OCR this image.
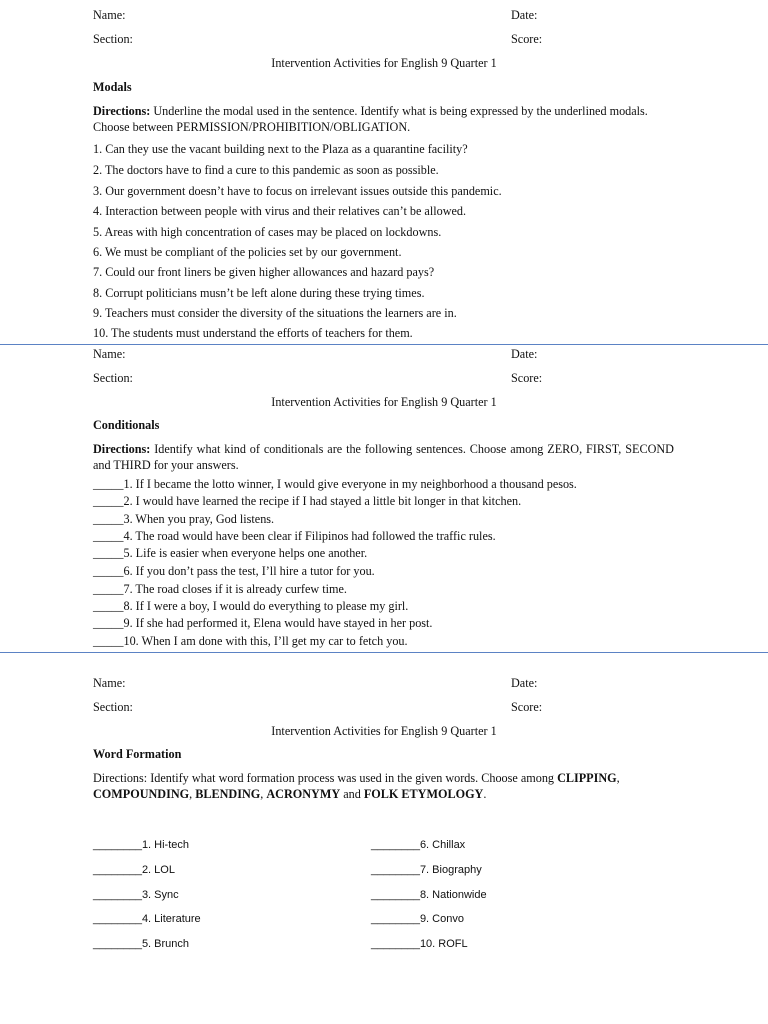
Name:	Date:
Section:	Score:
Intervention Activities for English 9 Quarter 1
Modals
Directions: Underline the modal used in the sentence. Identify what is being expressed by the underlined modals. Choose between PERMISSION/PROHIBITION/OBLIGATION.
1. Can they use the vacant building next to the Plaza as a quarantine facility?
2. The doctors have to find a cure to this pandemic as soon as possible.
3. Our government doesn’t have to focus on irrelevant issues outside this pandemic.
4. Interaction between people with virus and their relatives can’t be allowed.
5. Areas with high concentration of cases may be placed on lockdowns.
6. We must be compliant of the policies set by our government.
7. Could our front liners be given higher allowances and hazard pays?
8. Corrupt politicians musn’t be left alone during these trying times.
9. Teachers must consider the diversity of the situations the learners are in.
10. The students must understand the efforts of teachers for them.
Name:	Date:
Section:	Score:
Intervention Activities for English 9 Quarter 1
Conditionals
Directions: Identify what kind of conditionals are the following sentences. Choose among ZERO, FIRST, SECOND and THIRD for your answers.
_____1. If I became the lotto winner, I would give everyone in my neighborhood a thousand pesos.
_____2. I would have learned the recipe if I had stayed a little bit longer in that kitchen.
_____3. When you pray, God listens.
_____4. The road would have been clear if Filipinos had followed the traffic rules.
_____5. Life is easier when everyone helps one another.
_____6. If you don’t pass the test, I’ll hire a tutor for you.
_____7. The road closes if it is already curfew time.
_____8. If I were a boy, I would do everything to please my girl.
_____9. If she had performed it, Elena would have stayed in her post.
_____10. When I am done with this, I’ll get my car to fetch you.
Name:	Date:
Section:	Score:
Intervention Activities for English 9 Quarter 1
Word Formation
Directions: Identify what word formation process was used in the given words. Choose among CLIPPING, COMPOUNDING, BLENDING, ACRONYMY and FOLK ETYMOLOGY.
________1. Hi-tech
________2. LOL
________3. Sync
________4. Literature
________5. Brunch
________6. Chillax
________7. Biography
________8. Nationwide
________9. Convo
________10. ROFL
